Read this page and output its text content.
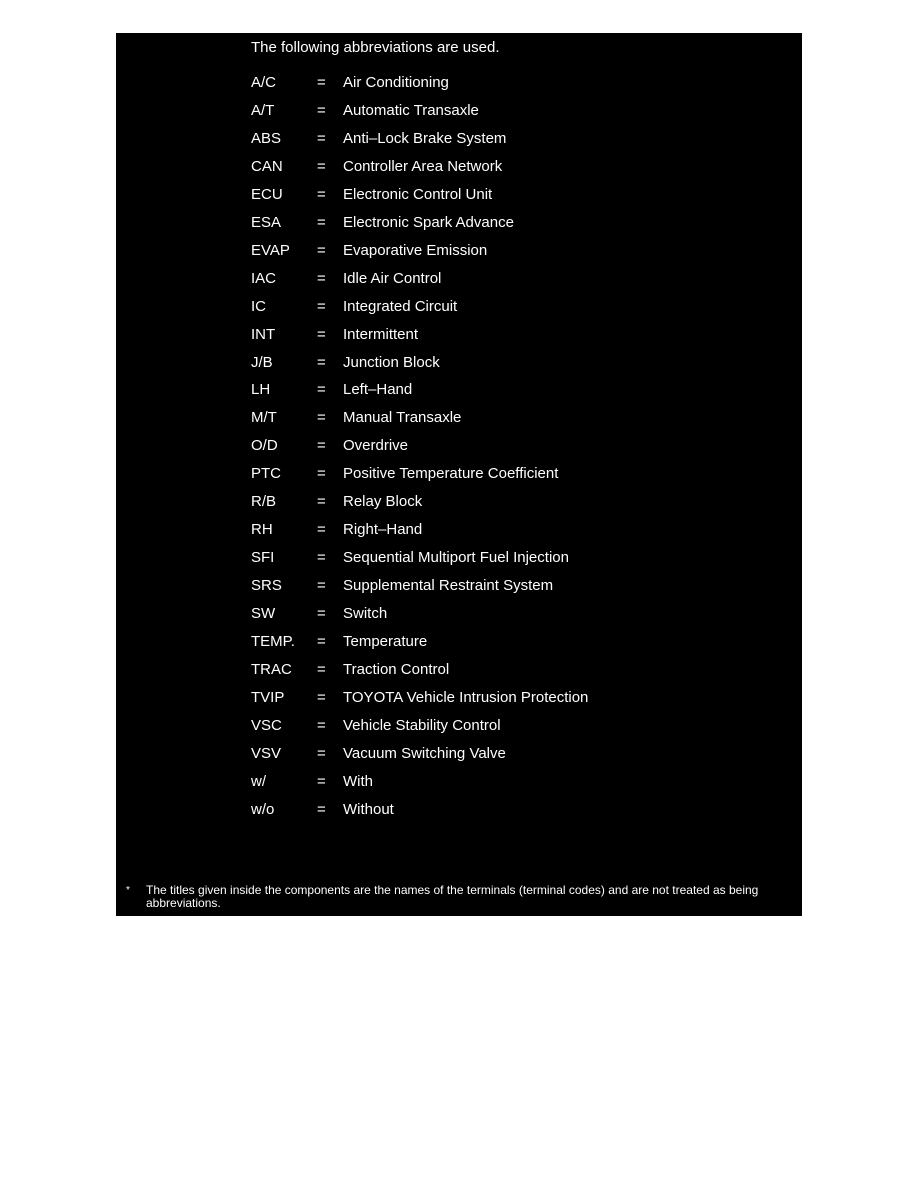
The following abbreviations are used.
A/C	=	Air Conditioning
A/T	=	Automatic Transaxle
ABS	=	Anti–Lock Brake System
CAN	=	Controller Area Network
ECU	=	Electronic Control Unit
ESA	=	Electronic Spark Advance
EVAP	=	Evaporative Emission
IAC	=	Idle Air Control
IC	=	Integrated Circuit
INT	=	Intermittent
J/B	=	Junction Block
LH	=	Left–Hand
M/T	=	Manual Transaxle
O/D	=	Overdrive
PTC	=	Positive Temperature Coefficient
R/B	=	Relay Block
RH	=	Right–Hand
SFI	=	Sequential Multiport Fuel Injection
SRS	=	Supplemental Restraint System
SW	=	Switch
TEMP.	=	Temperature
TRAC	=	Traction Control
TVIP	=	TOYOTA Vehicle Intrusion Protection
VSC	=	Vehicle Stability Control
VSV	=	Vacuum Switching Valve
w/	=	With
w/o	=	Without
*	The titles given inside the components are the names of the terminals (terminal codes) and are not treated as being abbreviations.
